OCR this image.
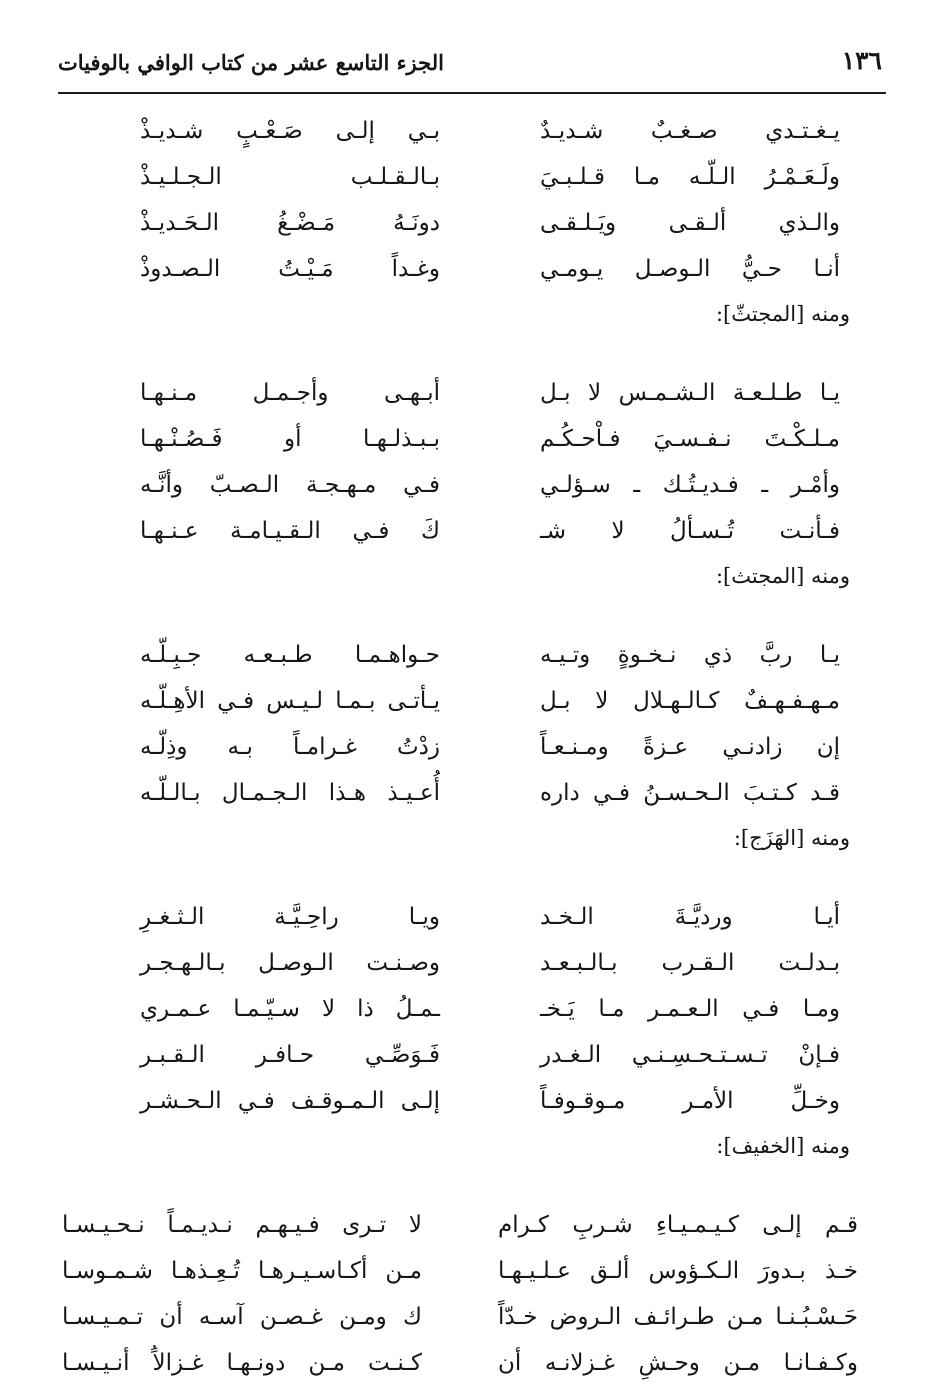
١٣٦
الجزء التاسع عشر من كتاب الوافي بالوفيات
يـغـتـدي صـغـبٌ شـديـدٌ
بـي إلـى صَـعْـبٍ شـديـذْ
ولَـعَـمْـرُ الـلّـه مـا قـلـبـيَ
بـالـقـلـب الـجـلـيـذْ
والـذي ألـقـى ويَـلـقـى
دونَـهُ مَـضْـغُ الـحَـديـذْ
أنـا حـيُّ الـوصـل يـومـي
وغـداً مَـيْـتُ الـصـدوذْ
ومنه [المجتثّ]:
يـا طـلـعـة الـشـمـس لا بـل
أبـهـى وأجـمـل مـنـهـا
مـلـكْـتَ نـفـسـيَ فـاْحـكُـم
بـبـذلـهـا أو فَـصُـنْـهـا
وأمْـر ـ فـديـتُـك ـ سـؤلـي
فـي مـهـجـة الـصـبّ وأنَّـه
فـأنـت تُـسـألُ لا شـ
كَ فـي الـقـيـامـة عـنـهـا
ومنه [المجتث]:
يـا ربَّ ذي نـخـوةٍ وتـيـه
حـواهـمـا طـبـعـه جـبِـلّـه
مـهـفـهـفٌ كـالـهـلال لا بـل
يـأتـى بـمـا لـيـس فـي الأهِـلّـه
إن زادنـي عـزةً ومـنـعـاً
زدْتُ غـرامـاً بـه وذِلّـه
قـد كـتـبَ الـحـسـنُ فـي داره
أُعـيـذ هـذا الـجـمـال بـالـلّـه
ومنه [الهَزَج]:
أيـا ورديَّـةَ الـخـد
ويـا راحِـيَّـة الـثـغـرِ
بـدلـت الـقـرب بـالـبـعـد
وصـنـت الـوصـل بـالـهـجـر
ومـا فـي الـعـمـر مـا يَـخـ
ـمـلُ ذا لا سـيّـمـا عـمـري
فـإنْ تـسـتـحـسِـنـي الـغـدر
فَـوَصِّـي حـافـر الـقـبـر
وخـلِّ الأمـر مـوقـوفـاً
إلـى الـمـوقـف فـي الـحـشـر
ومنه [الخفيف]:
قـم إلـى كـيـمـيـاءِ شـربِ كـرام
لا تـرى فـيـهـم نـديـمـاً نـحـيـسـا
خـذ بـدورَ الـكـؤوس ألـق عـلـيـهـا
مـن أكـاسـيـرهـا تُـعِـذهـا شـمـوسـا
حَـسْـبُـنـا مـن طـرائـف الـروض خـدّاً
ك ومـن غـصـن آسـه أن تـمـيـسـا
وكـفـانـا مـن وحـشِ غـزلانـه أن
كـنـت مـن دونـهـا غـزالاً أنـيـسـا
